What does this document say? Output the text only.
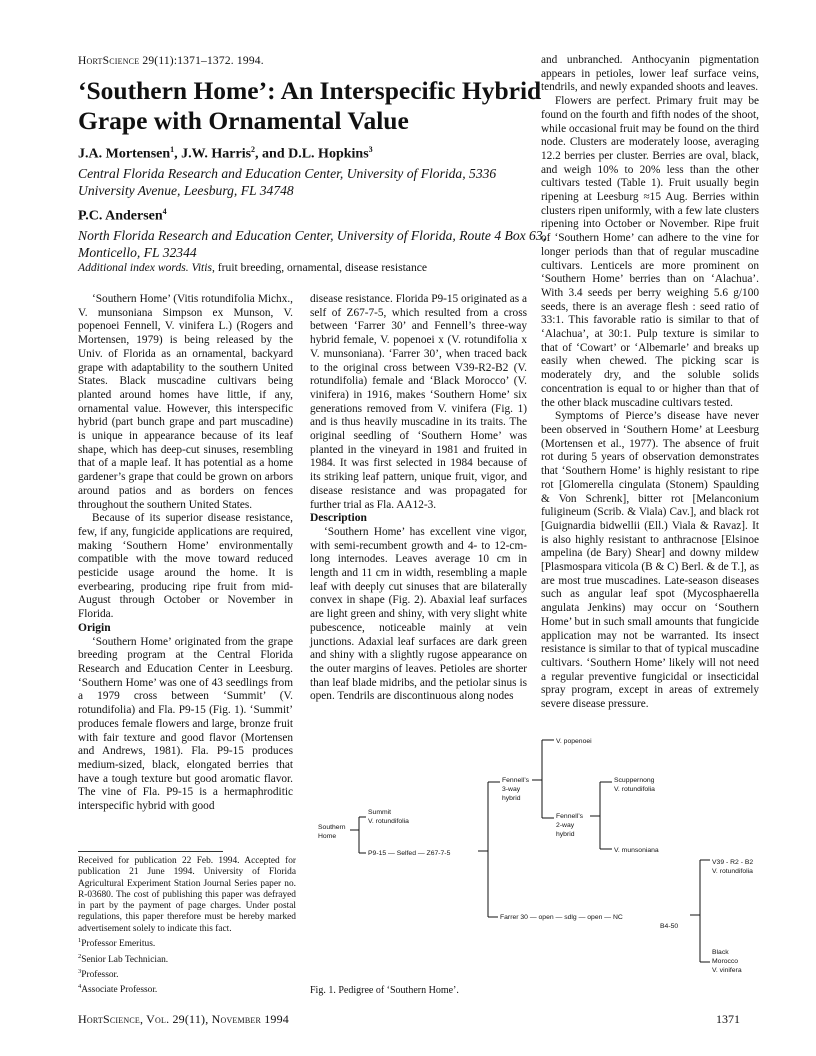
HortScience 29(11):1371–1372. 1994.
‘Southern Home’: An Interspecific Hybrid Grape with Ornamental Value
J.A. Mortensen$^1$, J.W. Harris$^2$, and D.L. Hopkins$^3$
Central Florida Research and Education Center, University of Florida, 5336 University Avenue, Leesburg, FL 34748
P.C. Andersen$^4$
North Florida Research and Education Center, University of Florida, Route 4 Box 63, Monticello, FL 32344
Additional index words. Vitis, fruit breeding, ornamental, disease resistance

‘Southern Home’ (Vitis rotundifolia Michx., V. munsoniana Simpson ex Munson, V. popenoei Fennell, V. vinifera L.) (Rogers and Mortensen, 1979) is being released by the Univ. of Florida as an ornamental, backyard grape with adaptability to the southern United States. Black muscadine cultivars being planted around homes have little, if any, ornamental value. However, this interspecific hybrid (part bunch grape and part muscadine) is unique in appearance because of its leaf shape, which has deep-cut sinuses, resembling that of a maple leaf. It has potential as a home gardener’s grape that could be grown on arbors around patios and as borders on fences throughout the southern United States.

Because of its superior disease resistance, few, if any, fungicide applications are required, making ‘Southern Home’ environmentally compatible with the move toward reduced pesticide usage around the home. It is everbearing, producing ripe fruit from mid-August through October or November in Florida.

Origin

‘Southern Home’ originated from the grape breeding program at the Central Florida Research and Education Center in Leesburg. ‘Southern Home’ was one of 43 seedlings from a 1979 cross between ‘Summit’ (V. rotundifolia) and Fla. P9-15 (Fig. 1). ‘Summit’ produces female flowers and large, bronze fruit with fair texture and good flavor (Mortensen and Andrews, 1981). Fla. P9-15 produces medium-sized, black, elongated berries that have a tough texture but good aromatic flavor. The vine of Fla. P9-15 is a hermaphroditic interspecific hybrid with good

disease resistance. Florida P9-15 originated as a self of Z67-7-5, which resulted from a cross between ‘Farrer 30’ and Fennell’s three-way hybrid female, V. popenoei x (V. rotundifolia x V. munsoniana). ‘Farrer 30’, when traced back to the original cross between V39-R2-B2 (V. rotundifolia) female and ‘Black Morocco’ (V. vinifera) in 1916, makes ‘Southern Home’ six generations removed from V. vinifera (Fig. 1) and is thus heavily muscadine in its traits. The original seedling of ‘Southern Home’ was planted in the vineyard in 1981 and fruited in 1984. It was first selected in 1984 because of its striking leaf pattern, unique fruit, vigor, and disease resistance and was propagated for further trial as Fla. AA12-3.

Description

‘Southern Home’ has excellent vine vigor, with semi-recumbent growth and 4- to 12-cm-long internodes. Leaves average 10 cm in length and 11 cm in width, resembling a maple leaf with deeply cut sinuses that are bilaterally convex in shape (Fig. 2). Abaxial leaf surfaces are light green and shiny, with very slight white pubescence, noticeable mainly at vein junctions. Adaxial leaf surfaces are dark green and shiny with a slightly rugose appearance on the outer margins of leaves. Petioles are shorter than leaf blade midribs, and the petiolar sinus is open. Tendrils are discontinuous along nodes

and unbranched. Anthocyanin pigmentation appears in petioles, lower leaf surface veins, tendrils, and newly expanded shoots and leaves.

Flowers are perfect. Primary fruit may be found on the fourth and fifth nodes of the shoot, while occasional fruit may be found on the third node. Clusters are moderately loose, averaging 12.2 berries per cluster. Berries are oval, black, and weigh 10% to 20% less than the other cultivars tested (Table 1). Fruit usually begin ripening at Leesburg ≈15 Aug. Berries within clusters ripen uniformly, with a few late clusters ripening into October or November. Ripe fruit of ‘Southern Home’ can adhere to the vine for longer periods than that of regular muscadine cultivars. Lenticels are more prominent on ‘Southern Home’ berries than on ‘Alachua’. With 3.4 seeds per berry weighing 5.6 g/100 seeds, there is an average flesh : seed ratio of 33:1. This favorable ratio is similar to that of ‘Alachua’, at 30:1. Pulp texture is similar to that of ‘Cowart’ or ‘Albemarle’ and breaks up easily when chewed. The picking scar is moderately dry, and the soluble solids concentration is equal to or higher than that of the other black muscadine cultivars tested.

Symptoms of Pierce’s disease have never been observed in ‘Southern Home’ at Leesburg (Mortensen et al., 1977). The absence of fruit rot during 5 years of observation demonstrates that ‘Southern Home’ is highly resistant to ripe rot [Glomerella cingulata (Stonem) Spaulding & Von Schrenk], bitter rot [Melanconium fuligineum (Scrib. & Viala) Cav.], and black rot [Guignardia bidwellii (Ell.) Viala & Ravaz]. It is also highly resistant to anthracnose [Elsinoe ampelina (de Bary) Shear] and downy mildew [Plasmospara viticola (B & C) Berl. & de T.], as are most true muscadines. Late-season diseases such as angular leaf spot (Mycosphaerella angulata Jenkins) may occur on ‘Southern Home’ but in such small amounts that fungicide application may not be warranted. Its insect resistance is similar to that of typical muscadine cultivars. ‘Southern Home’ likely will not need a regular preventive fungicidal or insecticidal spray program, except in areas of extremely severe disease pressure.

Received for publication 22 Feb. 1994. Accepted for publication 21 June 1994. University of Florida Agricultural Experiment Station Journal Series paper no. R-03680. The cost of publishing this paper was defrayed in part by the payment of page charges. Under postal regulations, this paper therefore must be hereby marked advertisement solely to indicate this fact.
$^1$Professor Emeritus.
$^2$Senior Lab Technician.
$^3$Professor.
$^4$Associate Professor.
Southern
Home
Summit
V. rotundifolia
P9-15 — Selfed — Z67-7-5
Fennell’s
3-way
hybrid
V. popenoei
Fennell’s
2-way
hybrid
Scuppernong
V. rotundifolia
V. munsoniana
Farrer 30 — open — sdlg — open — NC
B4-50
V39 - R2 - B2
V. rotundifolia
Black
Morocco
V. vinifera
Fig. 1. Pedigree of ‘Southern Home’.
HortScience, Vol. 29(11), November 1994	1371
